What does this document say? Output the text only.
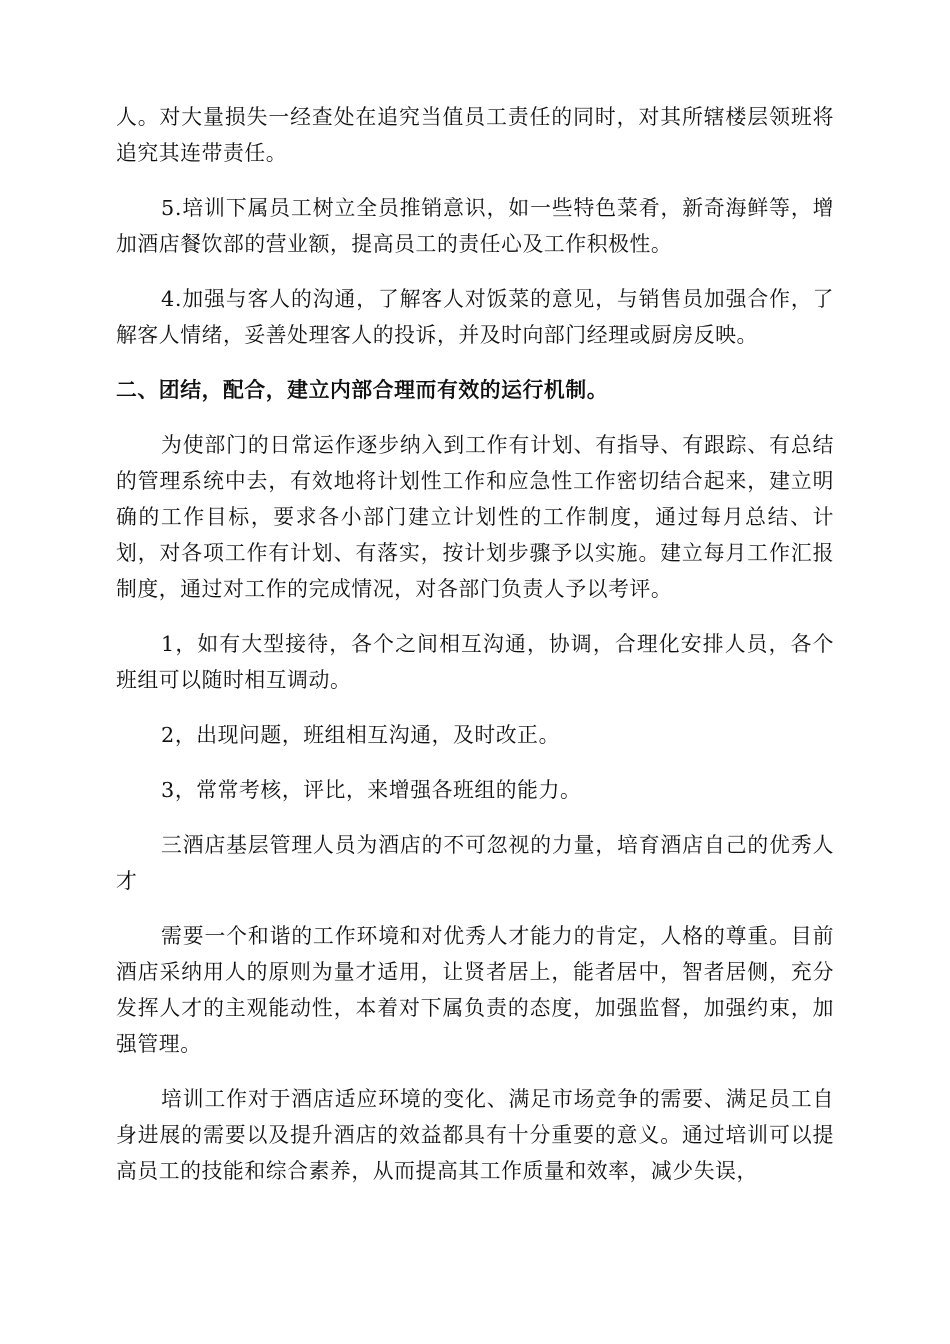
人。对大量损失一经查处在追究当值员工责任的同时，对其所辖楼层领班将追究其连带责任。

5.培训下属员工树立全员推销意识，如一些特色菜肴，新奇海鲜等，增加酒店餐饮部的营业额，提高员工的责任心及工作积极性。

4.加强与客人的沟通，了解客人对饭菜的意见，与销售员加强合作，了解客人情绪，妥善处理客人的投诉，并及时向部门经理或厨房反映。

二、团结，配合，建立内部合理而有效的运行机制。

为使部门的日常运作逐步纳入到工作有计划、有指导、有跟踪、有总结的管理系统中去，有效地将计划性工作和应急性工作密切结合起来，建立明确的工作目标，要求各小部门建立计划性的工作制度，通过每月总结、计划，对各项工作有计划、有落实，按计划步骤予以实施。建立每月工作汇报制度，通过对工作的完成情况，对各部门负责人予以考评。

1，如有大型接待，各个之间相互沟通，协调，合理化安排人员，各个班组可以随时相互调动。

2，出现问题，班组相互沟通，及时改正。

3，常常考核，评比，来增强各班组的能力。

三酒店基层管理人员为酒店的不可忽视的力量，培育酒店自己的优秀人才

需要一个和谐的工作环境和对优秀人才能力的肯定，人格的尊重。目前酒店采纳用人的原则为量才适用，让贤者居上，能者居中，智者居侧，充分发挥人才的主观能动性，本着对下属负责的态度，加强监督，加强约束，加强管理。

培训工作对于酒店适应环境的变化、满足市场竞争的需要、满足员工自身进展的需要以及提升酒店的效益都具有十分重要的意义。通过培训可以提高员工的技能和综合素养，从而提高其工作质量和效率，减少失误，
